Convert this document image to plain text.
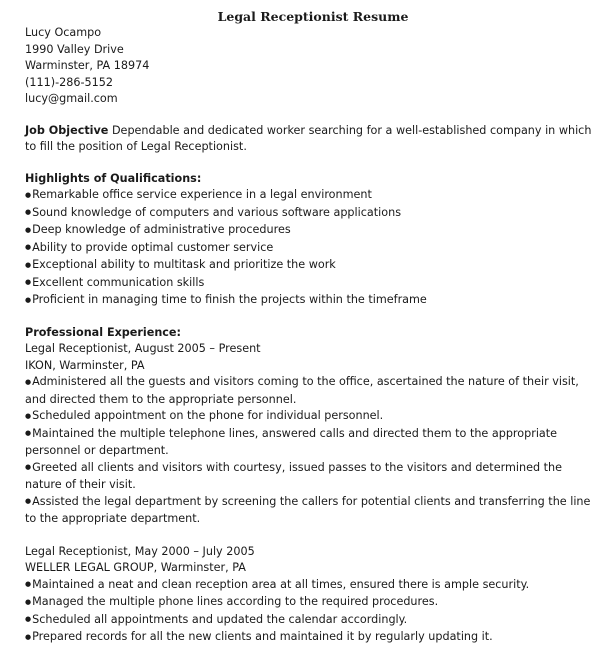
Legal Receptionist Resume
Lucy Ocampo
1990 Valley Drive
Warminster, PA 18974
(111)-286-5152
lucy@gmail.com
Job Objective Dependable and dedicated worker searching for a well-established company in which to fill the position of Legal Receptionist.
Highlights of Qualifications:
● Remarkable office service experience in a legal environment
● Sound knowledge of computers and various software applications
● Deep knowledge of administrative procedures
● Ability to provide optimal customer service
● Exceptional ability to multitask and prioritize the work
● Excellent communication skills
● Proficient in managing time to finish the projects within the timeframe
Professional Experience:
Legal Receptionist, August 2005 – Present
IKON, Warminster, PA
● Administered all the guests and visitors coming to the office, ascertained the nature of their visit, and directed them to the appropriate personnel.
● Scheduled appointment on the phone for individual personnel.
● Maintained the multiple telephone lines, answered calls and directed them to the appropriate personnel or department.
● Greeted all clients and visitors with courtesy, issued passes to the visitors and determined the nature of their visit.
● Assisted the legal department by screening the callers for potential clients and transferring the line to the appropriate department.
Legal Receptionist, May 2000 – July 2005
WELLER LEGAL GROUP, Warminster, PA
● Maintained a neat and clean reception area at all times, ensured there is ample security.
● Managed the multiple phone lines according to the required procedures.
● Scheduled all appointments and updated the calendar accordingly.
● Prepared records for all the new clients and maintained it by regularly updating it.
